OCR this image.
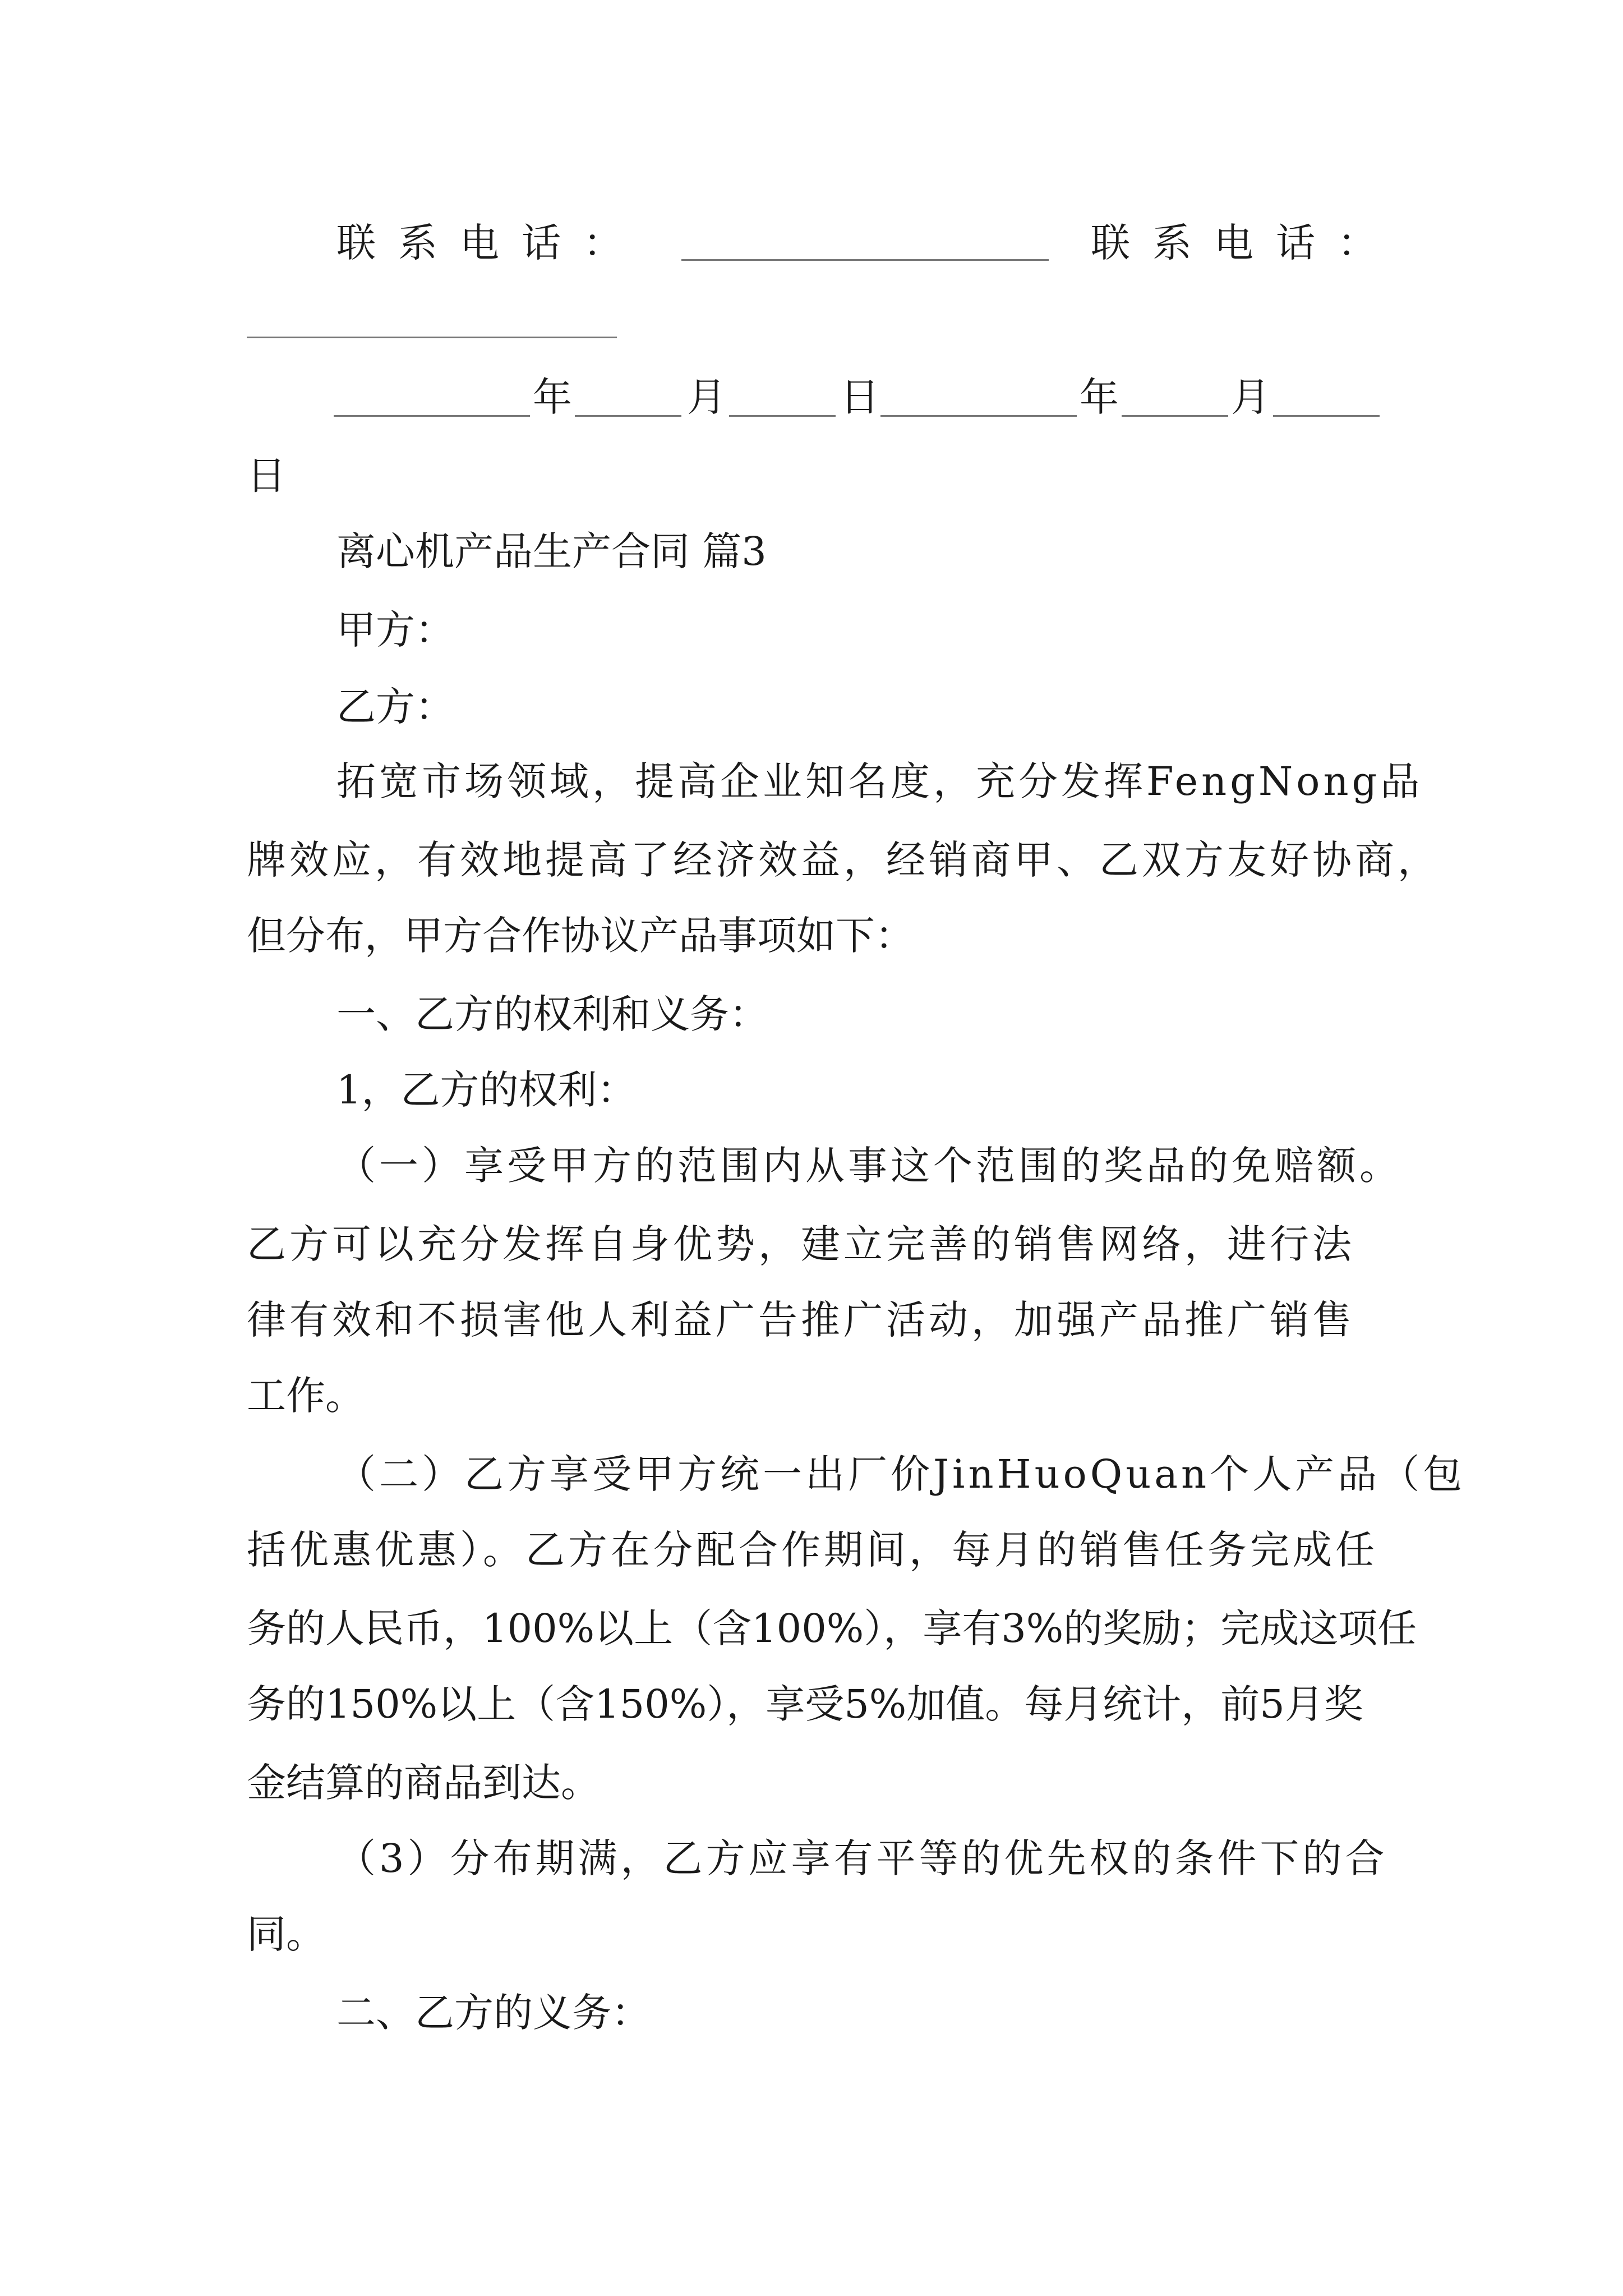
联系电话：	联系电话：
年	月	日	年	月
日
离心机产品生产合同 篇3
甲方：
乙方：
拓宽市场领域，提高企业知名度，充分发挥FengNong品
牌效应，有效地提高了经济效益，经销商甲、乙双方友好协商，
但分布，甲方合作协议产品事项如下：
一、乙方的权利和义务：
1，乙方的权利：
（一）享受甲方的范围内从事这个范围的奖品的免赔额。
乙方可以充分发挥自身优势，建立完善的销售网络，进行法
律有效和不损害他人利益广告推广活动，加强产品推广销售
工作。
（二）乙方享受甲方统一出厂价JinHuoQuan个人产品（包
括优惠优惠）。乙方在分配合作期间，每月的销售任务完成任
务的人民币，100%以上（含100%），享有3%的奖励；完成这项任
务的150%以上（含150%），享受5%加值。每月统计，前5月奖
金结算的商品到达。
（3）分布期满，乙方应享有平等的优先权的条件下的合
同。
二、乙方的义务：
